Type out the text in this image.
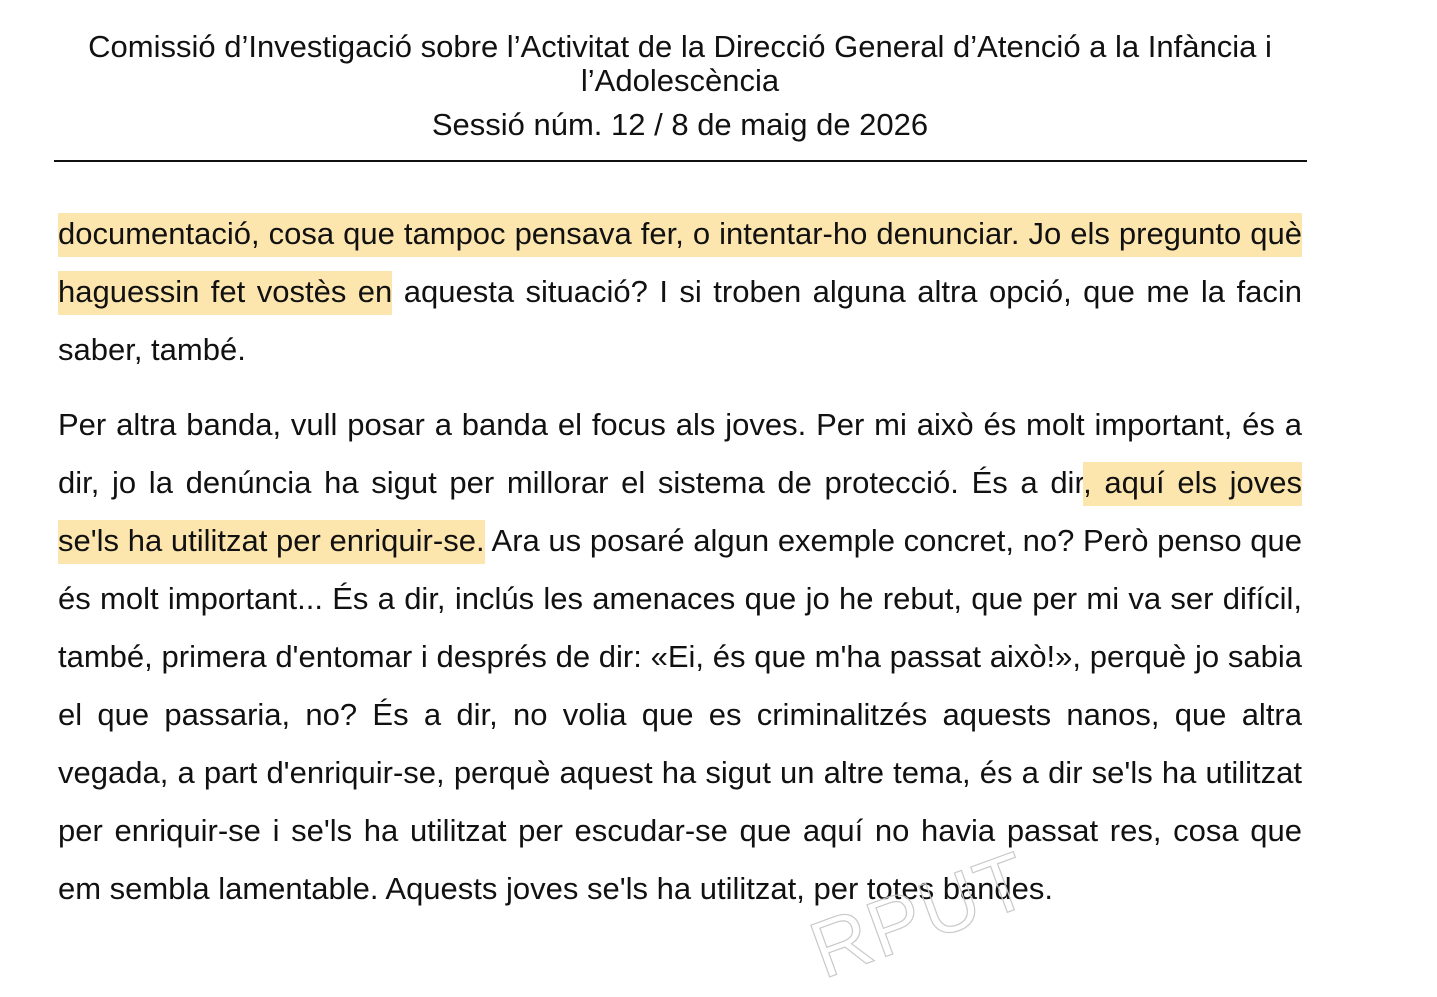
Comissió d’Investigació sobre l’Activitat de la Direcció General d’Atenció a la Infància i l’Adolescència
Sessió núm. 12 / 8 de maig de 2026

documentació, cosa que tampoc pensava fer, o intentar-ho denunciar. Jo els pregunto què haguessin fet vostès en aquesta situació? I si troben alguna altra opció, que me la facin saber, també.

Per altra banda, vull posar a banda el focus als joves. Per mi això és molt important, és a dir, jo la denúncia ha sigut per millorar el sistema de protecció. És a dir, aquí els joves se'ls ha utilitzat per enriquir-se. Ara us posaré algun exemple concret, no? Però penso que és molt important... És a dir, inclús les amenaces que jo he rebut, que per mi va ser difícil, també, primera d'entomar i després de dir: «Ei, és que m'ha passat això!», perquè jo sabia el que passaria, no? És a dir, no volia que es criminalitzés aquests nanos, que altra vegada, a part d'enriquir-se, perquè aquest ha sigut un altre tema, és a dir se'ls ha utilitzat per enriquir-se i se'ls ha utilitzat per escudar-se que aquí no havia passat res, cosa que em sembla lamentable. Aquests joves se'ls ha utilitzat, per totes bandes.

RPUT
